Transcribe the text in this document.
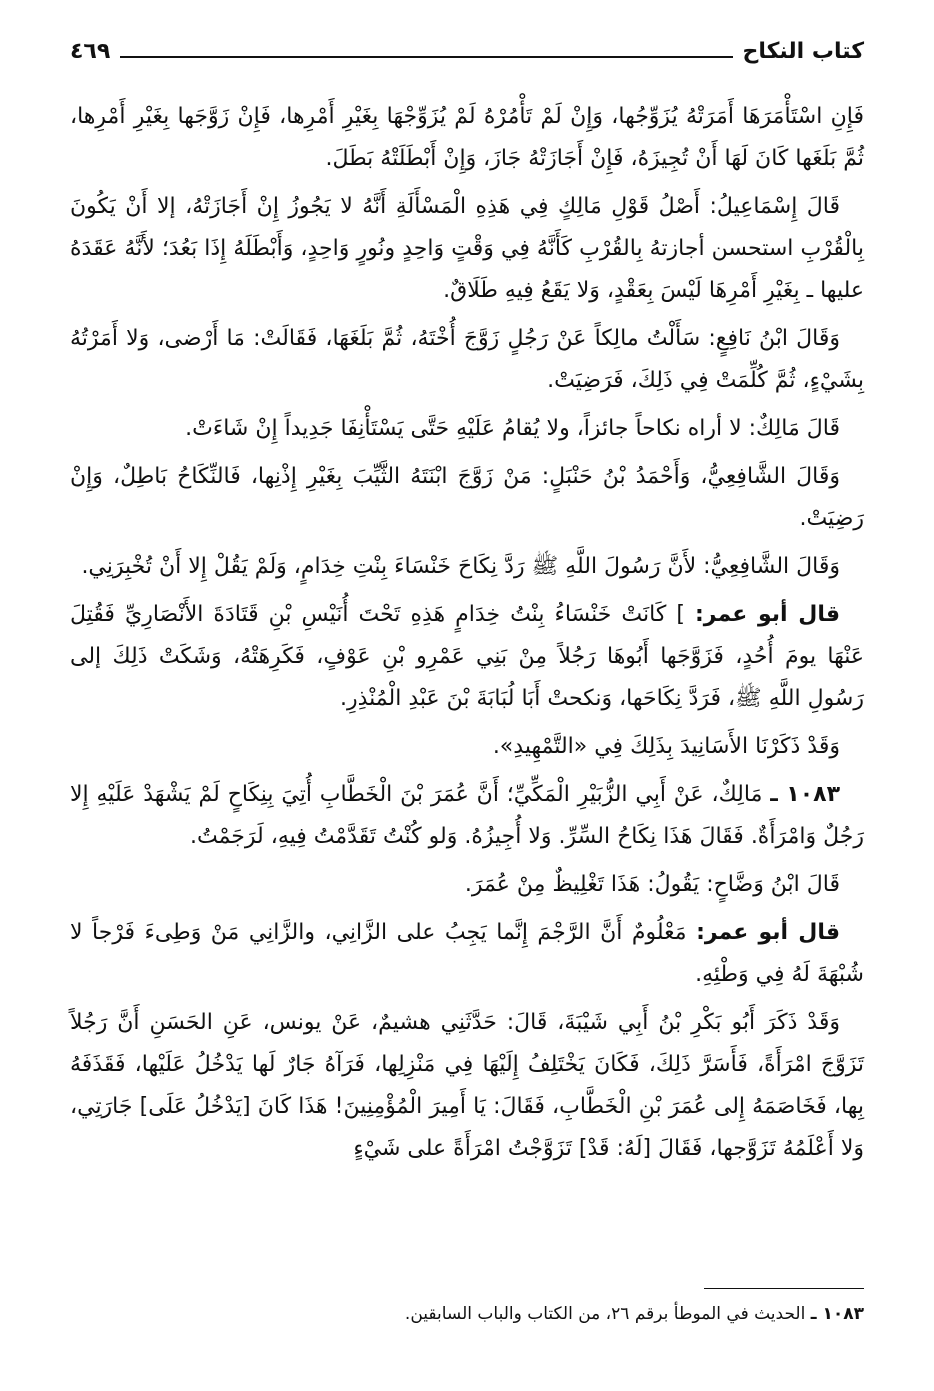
كتاب النكاح
٤٦٩

فَإِنِ اسْتَأْمَرَهَا أَمَرَتْهُ يُزَوِّجُها، وَإِنْ لَمْ تَأْمُرْهُ لَمْ يُزَوِّجْهَا بِغَيْرِ أَمْرِها، فَإِنْ زَوَّجَها بِغَيْرِ أَمْرِها، ثُمَّ بَلَغَها كَانَ لَهَا أَنْ تُجِيزَهُ، فَإِنْ أَجَازَتْهُ جَازَ، وَإِنْ أَبْطَلَتْهُ بَطَلَ.

قَالَ إِسْمَاعِيلُ: أَصْلُ قَوْلِ مَالِكٍ فِي هَذِهِ الْمَسْأَلَةِ أَنَّهُ لا يَجُوزُ إِنْ أَجَازَتْهُ، إلا أَنْ يَكُونَ بِالْقُرْبِ استحسن أجازتهُ بِالقُرْبِ كَأَنَّهُ فِي وَقْتٍ وَاحِدٍ ونُورٍ وَاحِدٍ، وَأَبْطَلَهُ إِذَا بَعُدَ؛ لأَنَّهُ عَقَدَهُ عليها ـ بِغَيْرِ أَمْرِهَا لَيْسَ بِعَقْدٍ، وَلا يَقَعُ فِيهِ طَلَاقٌ.

وَقَالَ ابْنُ نَافِعٍ: سَأَلْتُ مالِكاً عَنْ رَجُلٍ زَوَّجَ أُخْتَهُ، ثُمَّ بَلَغَهَا، فَقَالَتْ: مَا أَرْضى، وَلا أَمَرْتُهُ بِشَيْءٍ، ثُمَّ كُلِّمَتْ فِي ذَلِكَ، فَرَضِيَتْ.

قَالَ مَالِكٌ: لا أراه نكاحاً جائزاً، ولا يُقامُ عَلَيْهِ حَتَّى يَسْتَأْنِفَا جَدِيداً إِنْ شَاءَتْ.

وَقَالَ الشَّافِعِيُّ، وَأَحْمَدُ بْنُ حَنْبَلٍ: مَنْ زَوَّجَ ابْنَتَهُ الثَّيِّبَ بِغَيْرِ إِذْنِها، فَالنِّكَاحُ بَاطِلٌ، وَإِنْ رَضِيَتْ.

وَقَالَ الشَّافِعِيُّ: لأَنَّ رَسُولَ اللَّهِ ﷺ رَدَّ نِكَاحَ خَنْسَاءَ بِنْتِ خِدَامٍ، وَلَمْ يَقُلْ إِلا أَنْ تُخْبِرَنِي.

قال أبو عمر: ] كَانَتْ خَنْسَاءُ بِنْتُ خِدَامٍ هَذِهِ تَحْتَ أُنَيْسِ بْنِ قَتَادَةَ الأَنْصَارِيِّ فَقُتِلَ عَنْهَا يومَ أُحُدٍ، فَزَوَّجَها أَبُوهَا رَجُلاً مِنْ بَنِي عَمْرِو بْنِ عَوْفٍ، فَكَرِهَتْهُ، وَشَكَتْ ذَلِكَ إلى رَسُولِ اللَّهِ ﷺ، فَرَدَّ نِكَاحَها، وَنكحتْ أَبَا لُبَابَةَ بْنَ عَبْدِ الْمُنْذِرِ.

وَقَدْ ذَكَرْنَا الأَسَانِيدَ بِذَلِكَ فِي «التَّمْهِيدِ».

١٠٨٣ ـ مَالِكٌ، عَنْ أَبِي الزُّبَيْرِ الْمَكِّيِّ؛ أَنَّ عُمَرَ بْنَ الْخَطَّابِ أُتِيَ بِنِكَاحٍ لَمْ يَشْهَدْ عَلَيْهِ إِلا رَجُلٌ وَامْرَأَةٌ. فَقَالَ هَذَا نِكَاحُ السِّرِّ. وَلا أُجِيزُهُ. وَلو كُنْتُ تَقَدَّمْتُ فِيهِ، لَرَجَمْتُ.

قَالَ ابْنُ وَضَّاحٍ: يَقُولُ: هَذَا تَغْلِيظٌ مِنْ عُمَرَ.

قال أبو عمر: مَعْلُومٌ أَنَّ الرَّجْمَ إِنَّما يَجِبُ على الزَّانِي، والزَّانِي مَنْ وَطِىءَ فَرْجاً لا شُبْهَةَ لَهُ فِي وَطْئِهِ.

وَقَدْ ذَكَرَ أَبُو بَكْرِ بْنُ أَبِي شَيْبَةَ، قَالَ: حَدَّثَنِي هشيمٌ، عَنْ يونس، عَنِ الحَسَنِ أَنَّ رَجُلاً تَزَوَّجَ امْرَأَةً، فَأَسَرَّ ذَلِكَ، فَكَانَ يَخْتَلِفُ إِلَيْهَا فِي مَنْزِلِها، فَرَآهُ جَارٌ لَها يَدْخُلُ عَلَيْها، فَقَذَفَهُ بِها، فَخَاصَمَهُ إِلى عُمَرَ بْنِ الْخَطَّابِ، فَقَالَ: يَا أَمِيرَ الْمُؤْمِنِينَ! هَذَا كَانَ [يَدْخُلُ عَلَى] جَارَتِي، وَلا أَعْلَمُهُ تَزَوَّجها، فَقَالَ [لَهُ: قَدْ] تَزَوَّجْتُ امْرَأَةً على شَيْءٍ

١٠٨٣ ـ الحديث في الموطأ برقم ٢٦، من الكتاب والباب السابقين.
